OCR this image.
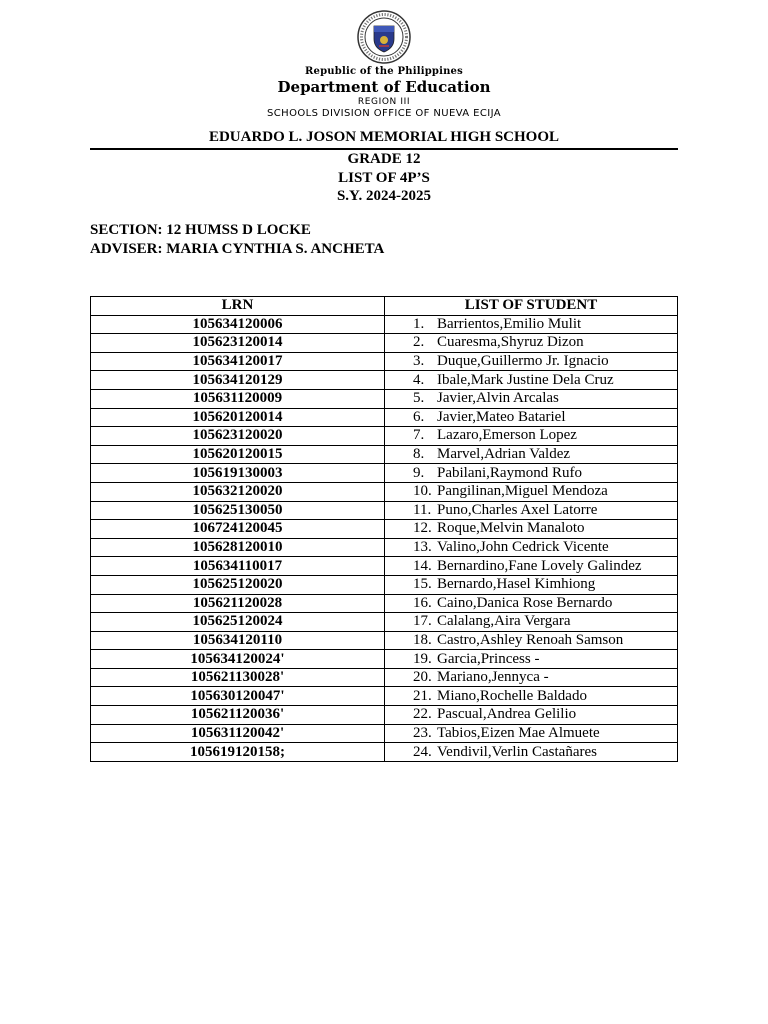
Republic of the Philippines
Department of Education
REGION III
SCHOOLS DIVISION OFFICE OF NUEVA ECIJA
EDUARDO L. JOSON MEMORIAL HIGH SCHOOL
GRADE 12
LIST OF 4P’S
S.Y. 2024-2025
SECTION: 12 HUMSS D LOCKE
ADVISER: MARIA CYNTHIA S. ANCHETA
LRN	LIST OF STUDENT
105634120006	1. Barrientos,Emilio Mulit
105623120014	2. Cuaresma,Shyruz Dizon
105634120017	3. Duque,Guillermo Jr. Ignacio
105634120129	4. Ibale,Mark Justine Dela Cruz
105631120009	5. Javier,Alvin Arcalas
105620120014	6. Javier,Mateo Batariel
105623120020	7. Lazaro,Emerson Lopez
105620120015	8. Marvel,Adrian Valdez
105619130003	9. Pabilani,Raymond Rufo
105632120020	10. Pangilinan,Miguel Mendoza
105625130050	11. Puno,Charles Axel Latorre
106724120045	12. Roque,Melvin Manaloto
105628120010	13. Valino,John Cedrick Vicente
105634110017	14. Bernardino,Fane Lovely Galindez
105625120020	15. Bernardo,Hasel Kimhiong
105621120028	16. Caino,Danica Rose Bernardo
105625120024	17. Calalang,Aira Vergara
105634120110	18. Castro,Ashley Renoah Samson
105634120024'	19. Garcia,Princess -
105621130028'	20. Mariano,Jennyca -
105630120047'	21. Miano,Rochelle Baldado
105621120036'	22. Pascual,Andrea Gelilio
105631120042'	23. Tabios,Eizen Mae Almuete
105619120158;	24. Vendivil,Verlin Castañares
